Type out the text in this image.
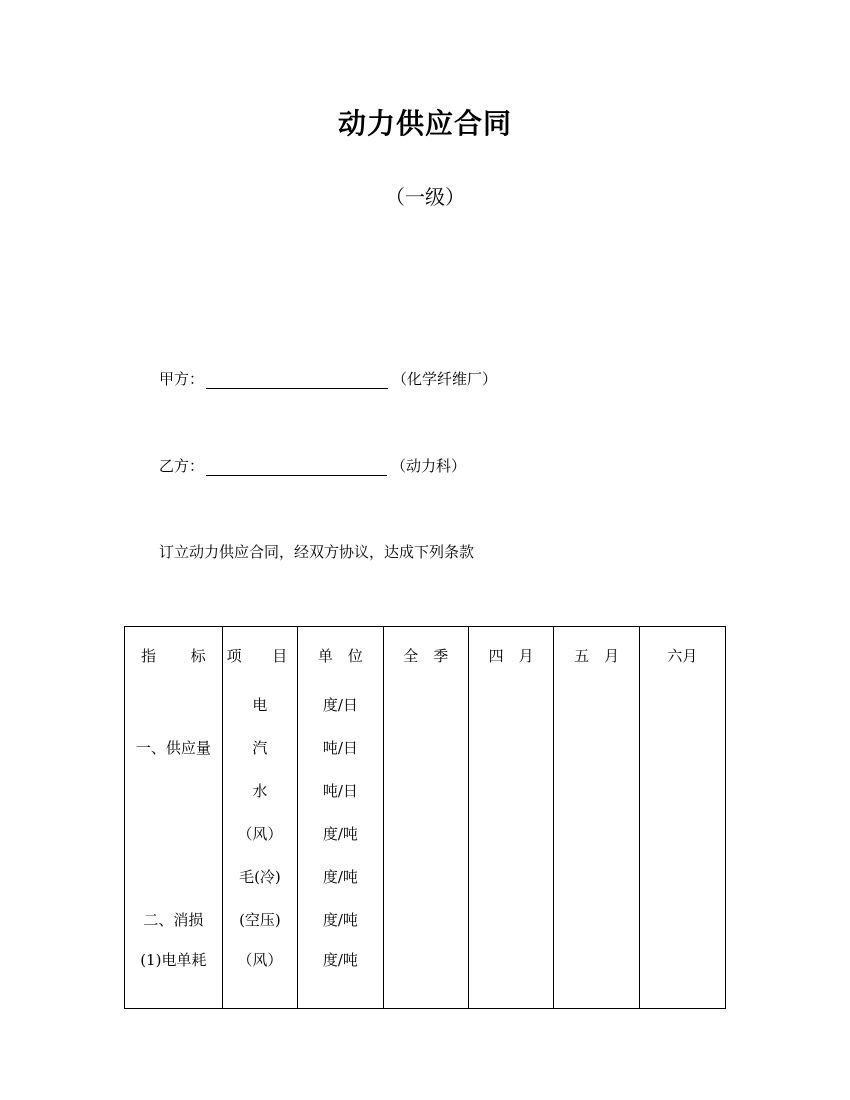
动力供应合同
（一级）
甲方：	（化学纤维厂）
乙方：	（动力科）
订立动力供应合同，经双方协议，达成下列条款
指 标	项 目	单　位	全　季	四　月	五　月	六月
	电	度/日				
一、供应量	汽	吨/日				
	水	吨/日				
	（风）	度/吨				
	毛(冷)	度/吨				
二、消损	(空压)	度/吨				
(1)电单耗	（风）	度/吨				
